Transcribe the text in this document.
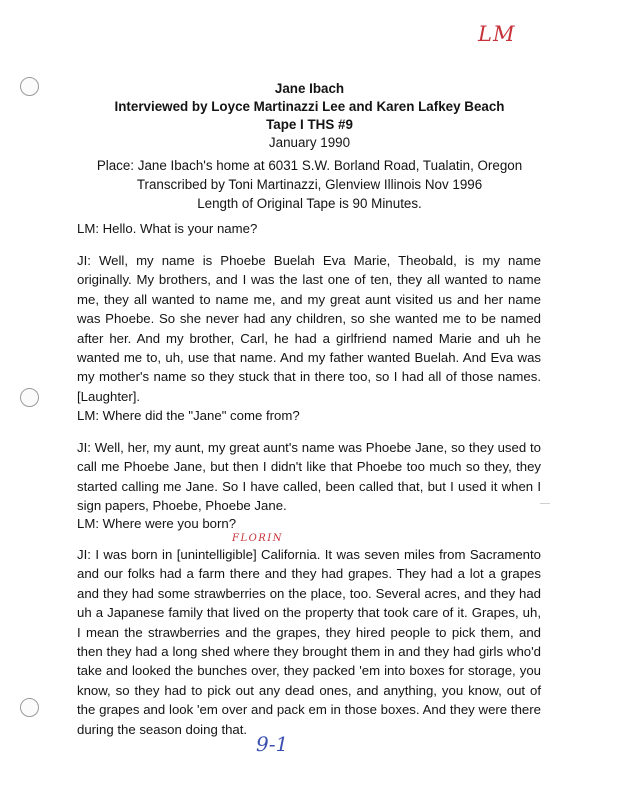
LM
Jane Ibach
Interviewed by Loyce Martinazzi Lee and Karen Lafkey Beach
Tape I THS #9
January 1990
Place: Jane Ibach's home at 6031 S.W. Borland Road, Tualatin, Oregon
Transcribed by Toni Martinazzi, Glenview Illinois Nov 1996
Length of Original Tape is 90 Minutes.
LM: Hello. What is your name?
JI: Well, my name is Phoebe Buelah Eva Marie, Theobald, is my name originally. My brothers, and I was the last one of ten, they all wanted to name me, they all wanted to name me, and my great aunt visited us and her name was Phoebe. So she never had any children, so she wanted me to be named after her. And my brother, Carl, he had a girlfriend named Marie and uh he wanted me to, uh, use that name. And my father wanted Buelah. And Eva was my mother's name so they stuck that in there too, so I had all of those names. [Laughter].
LM: Where did the "Jane" come from?
JI: Well, her, my aunt, my great aunt's name was Phoebe Jane, so they used to call me Phoebe Jane, but then I didn't like that Phoebe too much so they, they started calling me Jane. So I have called, been called that, but I used it when I sign papers, Phoebe, Phoebe Jane.
LM: Where were you born?
FLORIN
JI: I was born in [unintelligible] California. It was seven miles from Sacramento and our folks had a farm there and they had grapes. They had a lot a grapes and they had some strawberries on the place, too. Several acres, and they had uh a Japanese family that lived on the property that took care of it. Grapes, uh, I mean the strawberries and the grapes, they hired people to pick them, and then they had a long shed where they brought them in and they had girls who'd take and looked the bunches over, they packed 'em into boxes for storage, you know, so they had to pick out any dead ones, and anything, you know, out of the grapes and look 'em over and pack em in those boxes. And they were there during the season doing that.
9-1
